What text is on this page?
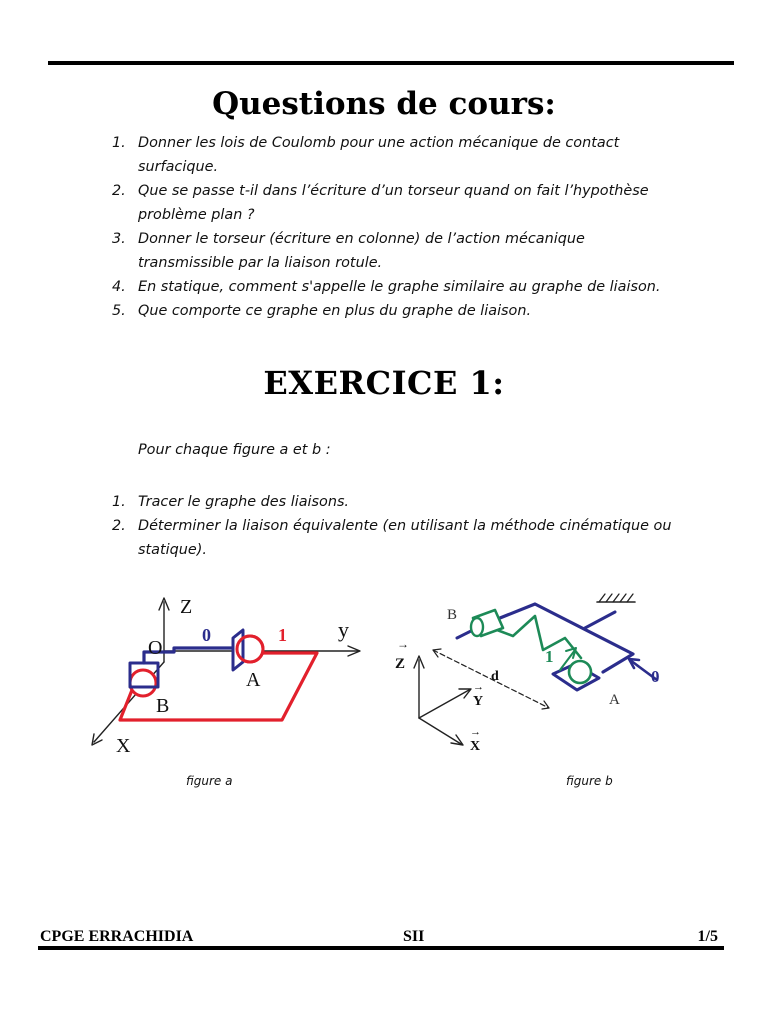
Questions de cours:
1. Donner les lois de Coulomb pour une action mécanique de contact
surfacique.
2. Que se passe t-il dans l’écriture d’un torseur quand on fait l’hypothèse
problème plan ?
3. Donner le torseur (écriture en colonne) de l’action mécanique
transmissible par la liaison rotule.
4. En statique, comment s'appelle le graphe similaire au graphe de liaison.
5. Que comporte ce graphe en plus du graphe de liaison.
EXERCICE 1:
Pour chaque figure a et b :
1. Tracer le graphe des liaisons.
2. Déterminer la liaison équivalente (en utilisant la méthode cinématique ou
statique).
Z
y
X
O
A
B
0	1
B
Z
→
Y
→
X
→
d
1
A
0
figure a	figure b
CPGE ERRACHIDIA	SII	1/5
